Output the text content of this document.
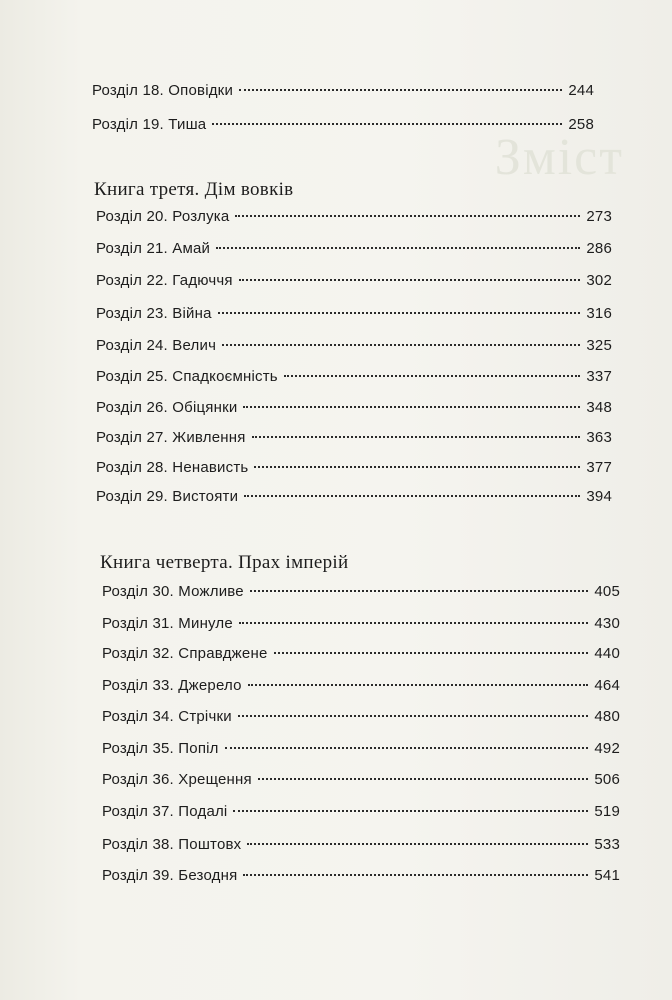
Зміст
Розділ 18. Оповідки	244
Розділ 19. Тиша	258
Книга третя. Дім вовків
Розділ 20. Розлука	273
Розділ 21. Амай	286
Розділ 22. Гадюччя	302
Розділ 23. Війна	316
Розділ 24. Велич	325
Розділ 25. Спадкоємність	337
Розділ 26. Обіцянки	348
Розділ 27. Живлення	363
Розділ 28. Ненависть	377
Розділ 29. Вистояти	394
Книга четверта. Прах імперій
Розділ 30. Можливе	405
Розділ 31. Минуле	430
Розділ 32. Справджене	440
Розділ 33. Джерело	464
Розділ 34. Стрічки	480
Розділ 35. Попіл	492
Розділ 36. Хрещення	506
Розділ 37. Подалі	519
Розділ 38. Поштовх	533
Розділ 39. Безодня	541
